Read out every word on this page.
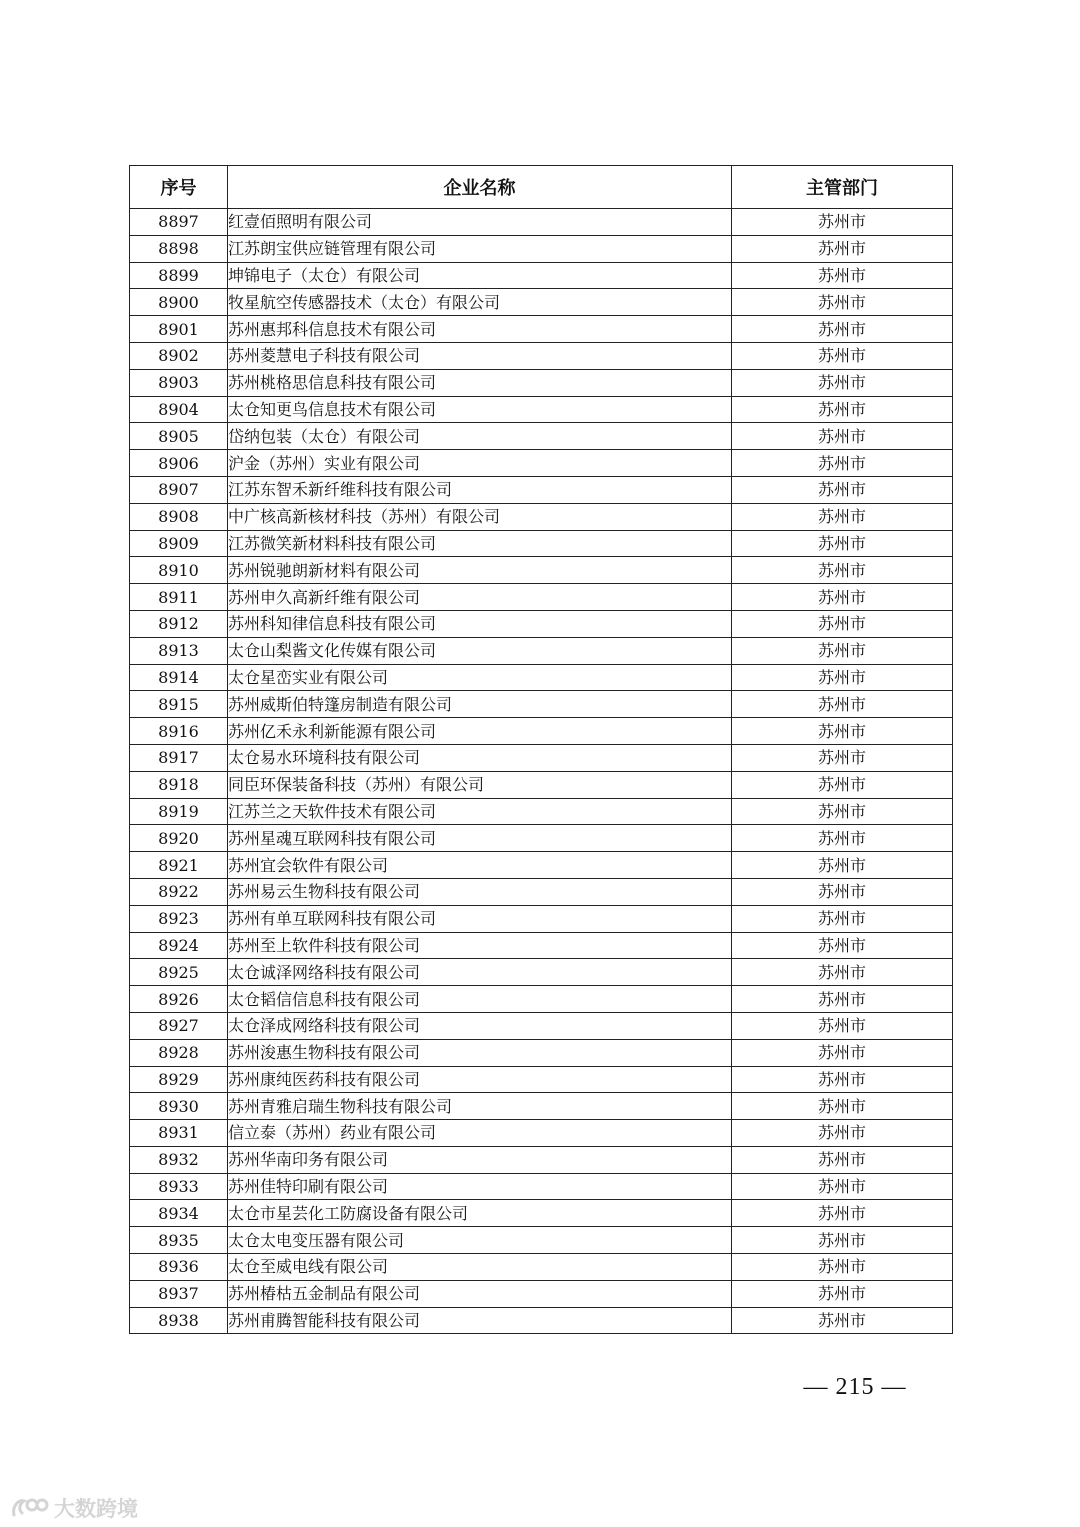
序号	企业名称	主管部门
8897	红壹佰照明有限公司	苏州市
8898	江苏朗宝供应链管理有限公司	苏州市
8899	坤锦电子（太仓）有限公司	苏州市
8900	牧星航空传感器技术（太仓）有限公司	苏州市
8901	苏州惠邦科信息技术有限公司	苏州市
8902	苏州菱慧电子科技有限公司	苏州市
8903	苏州桃格思信息科技有限公司	苏州市
8904	太仓知更鸟信息技术有限公司	苏州市
8905	岱纳包装（太仓）有限公司	苏州市
8906	沪金（苏州）实业有限公司	苏州市
8907	江苏东智禾新纤维科技有限公司	苏州市
8908	中广核高新核材科技（苏州）有限公司	苏州市
8909	江苏微笑新材料科技有限公司	苏州市
8910	苏州锐驰朗新材料有限公司	苏州市
8911	苏州申久高新纤维有限公司	苏州市
8912	苏州科知律信息科技有限公司	苏州市
8913	太仓山梨酱文化传媒有限公司	苏州市
8914	太仓星峦实业有限公司	苏州市
8915	苏州威斯伯特篷房制造有限公司	苏州市
8916	苏州亿禾永利新能源有限公司	苏州市
8917	太仓易水环境科技有限公司	苏州市
8918	同臣环保装备科技（苏州）有限公司	苏州市
8919	江苏兰之天软件技术有限公司	苏州市
8920	苏州星魂互联网科技有限公司	苏州市
8921	苏州宜会软件有限公司	苏州市
8922	苏州易云生物科技有限公司	苏州市
8923	苏州有单互联网科技有限公司	苏州市
8924	苏州至上软件科技有限公司	苏州市
8925	太仓诚泽网络科技有限公司	苏州市
8926	太仓韬信信息科技有限公司	苏州市
8927	太仓泽成网络科技有限公司	苏州市
8928	苏州浚惠生物科技有限公司	苏州市
8929	苏州康纯医药科技有限公司	苏州市
8930	苏州青雅启瑞生物科技有限公司	苏州市
8931	信立泰（苏州）药业有限公司	苏州市
8932	苏州华南印务有限公司	苏州市
8933	苏州佳特印刷有限公司	苏州市
8934	太仓市星芸化工防腐设备有限公司	苏州市
8935	太仓太电变压器有限公司	苏州市
8936	太仓至威电线有限公司	苏州市
8937	苏州椿枯五金制品有限公司	苏州市
8938	苏州甫腾智能科技有限公司	苏州市
— 215 —
大数跨境
